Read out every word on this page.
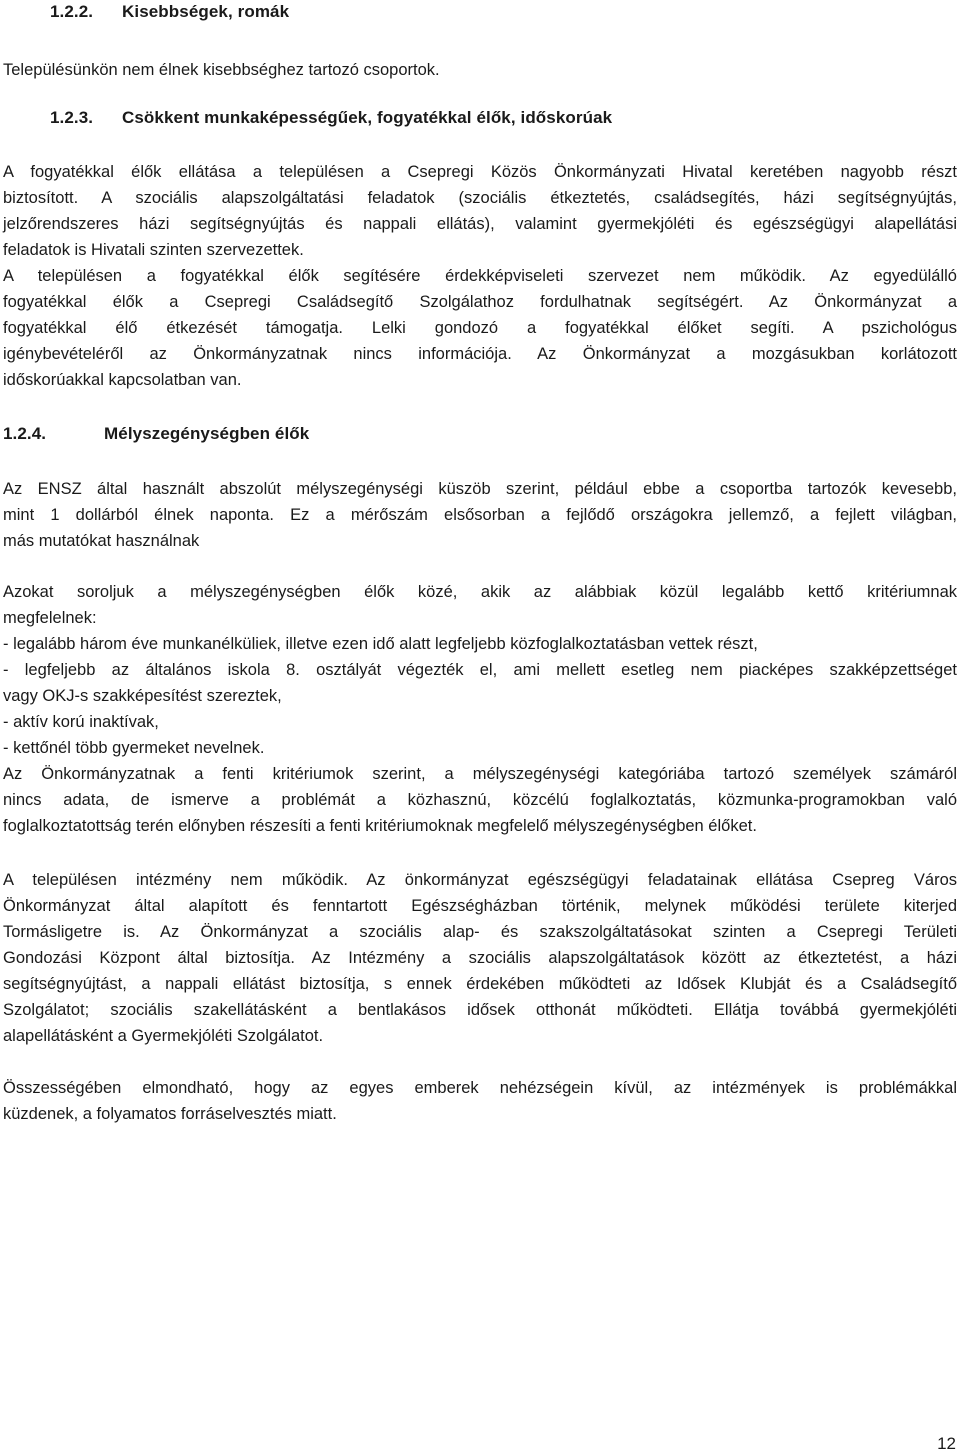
1.2.2. Kisebbségek, romák
Településünkön nem élnek kisebbséghez tartozó csoportok.
1.2.3. Csökkent munkaképességűek, fogyatékkal élők, időskorúak
A fogyatékkal élők ellátása a településen a Csepregi Közös Önkormányzati Hivatal keretében nagyobb részt
biztosított. A szociális alapszolgáltatási feladatok (szociális étkeztetés, családsegítés, házi segítségnyújtás,
jelzőrendszeres házi segítségnyújtás és nappali ellátás), valamint gyermekjóléti és egészségügyi alapellátási
feladatok is Hivatali szinten szervezettek.
A településen a fogyatékkal élők segítésére érdekképviseleti szervezet nem működik. Az egyedülálló
fogyatékkal élők a Csepregi Családsegítő Szolgálathoz fordulhatnak segítségért. Az Önkormányzat a
fogyatékkal élő étkezését támogatja. Lelki gondozó a fogyatékkal élőket segíti. A pszichológus
igénybevételéről az Önkormányzatnak nincs információja. Az Önkormányzat a mozgásukban korlátozott
időskorúakkal kapcsolatban van.
1.2.4.	Mélyszegénységben élők
Az ENSZ által használt abszolút mélyszegénységi küszöb szerint, például ebbe a csoportba tartozók kevesebb,
mint 1 dollárból élnek naponta. Ez a mérőszám elsősorban a fejlődő országokra jellemző, a fejlett világban,
más mutatókat használnak
Azokat soroljuk a mélyszegénységben élők közé, akik az alábbiak közül legalább kettő kritériumnak
megfelelnek:
- legalább három éve munkanélküliek, illetve ezen idő alatt legfeljebb közfoglalkoztatásban vettek részt,
- legfeljebb az általános iskola 8. osztályát végezték el, ami mellett esetleg nem piacképes szakképzettséget
vagy OKJ-s szakképesítést szereztek,
- aktív korú inaktívak,
- kettőnél több gyermeket nevelnek.
Az Önkormányzatnak a fenti kritériumok szerint, a mélyszegénységi kategóriába tartozó személyek számáról
nincs adata, de ismerve a problémát a közhasznú, közcélú foglalkoztatás, közmunka-programokban való
foglalkoztatottság terén előnyben részesíti a fenti kritériumoknak megfelelő mélyszegénységben élőket.
A településen intézmény nem működik. Az önkormányzat egészségügyi feladatainak ellátása Csepreg Város
Önkormányzat által alapított és fenntartott Egészségházban történik, melynek működési területe kiterjed
Tormásligetre is. Az Önkormányzat a szociális alap- és szakszolgáltatásokat szinten a Csepregi Területi
Gondozási Központ által biztosítja. Az Intézmény a szociális alapszolgáltatások között az étkeztetést, a házi
segítségnyújtást, a nappali ellátást biztosítja, s ennek érdekében működteti az Idősek Klubját és a Családsegítő
Szolgálatot; szociális szakellátásként a bentlakásos idősek otthonát működteti. Ellátja továbbá gyermekjóléti
alapellátásként a Gyermekjóléti Szolgálatot.
Összességében elmondható, hogy az egyes emberek nehézségein kívül, az intézmények is problémákkal
küzdenek, a folyamatos forráselvesztés miatt.
12
